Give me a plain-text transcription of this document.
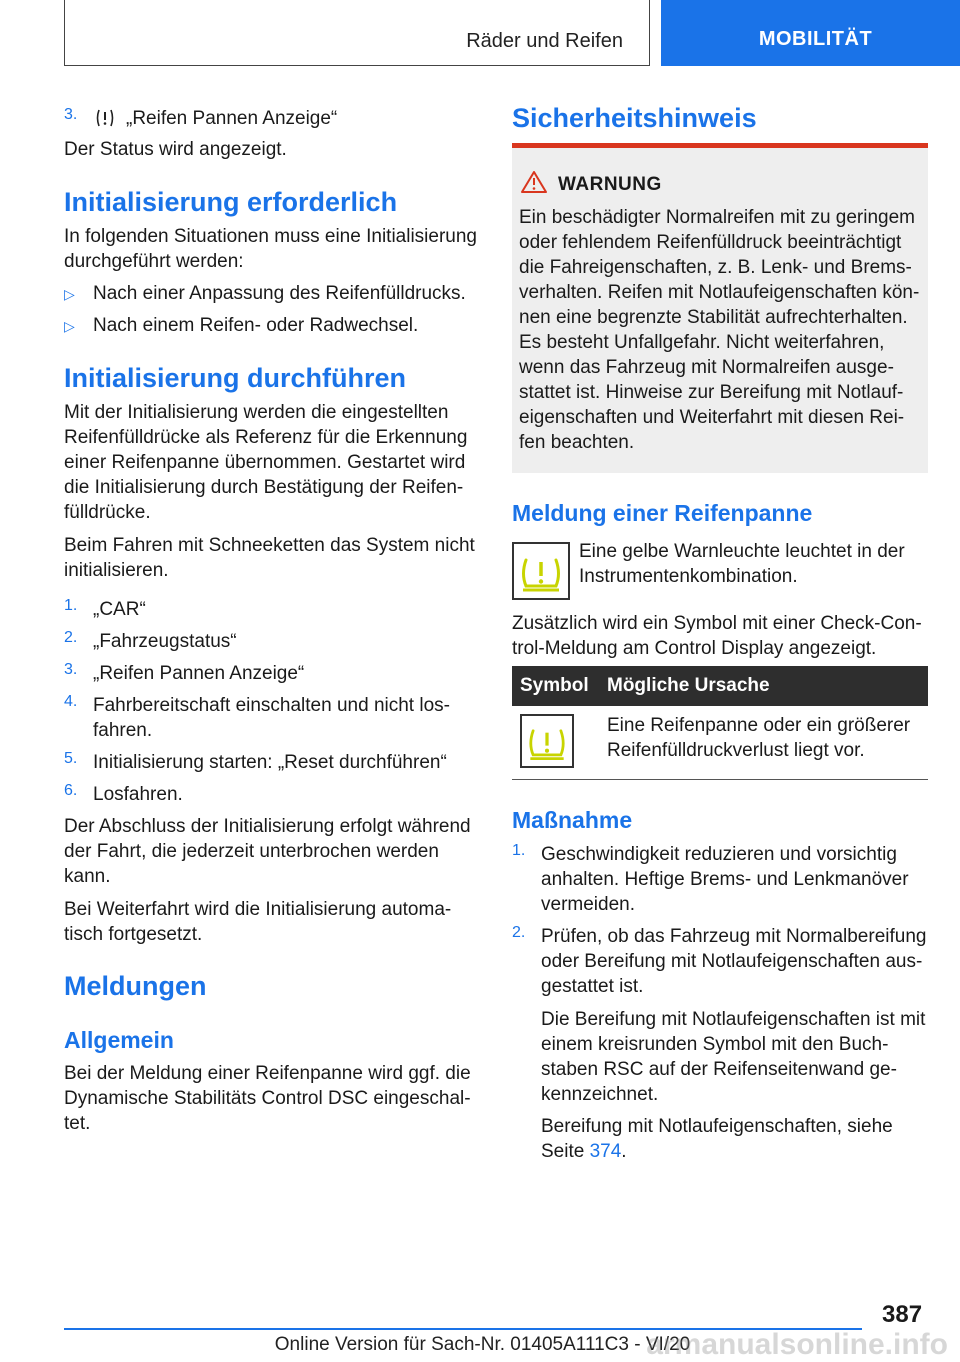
Räder und Reifen	MOBILITÄT
3.	„Reifen Pannen Anzeige“

Der Status wird angezeigt.

Initialisierung erforderlich

In folgenden Situationen muss eine Initialisierung durchgeführt werden:

▷ Nach einer Anpassung des Reifenfülldrucks.

▷ Nach einem Reifen- oder Radwechsel.

Initialisierung durchführen

Mit der Initialisierung werden die eingestellten Reifenfülldrücke als Referenz für die Erkennung einer Reifenpanne übernommen. Gestartet wird die Initialisierung durch Bestätigung der Reifen-fülldrücke.

Beim Fahren mit Schneeketten das System nicht initialisieren.

1. „CAR“

2. „Fahrzeugstatus“

3. „Reifen Pannen Anzeige“

4. Fahrbereitschaft einschalten und nicht los-fahren.

5. Initialisierung starten: „Reset durchführen“

6. Losfahren.

Der Abschluss der Initialisierung erfolgt während der Fahrt, die jederzeit unterbrochen werden kann.

Bei Weiterfahrt wird die Initialisierung automa-tisch fortgesetzt.

Meldungen
Allgemein

Bei der Meldung einer Reifenpanne wird ggf. die Dynamische Stabilitäts Control DSC eingeschal-tet.

Sicherheitshinweis
WARNUNG

Ein beschädigter Normalreifen mit zu geringem oder fehlendem Reifenfülldruck beeinträchtigt die Fahreigenschaften, z. B. Lenk- und Brems-verhalten. Reifen mit Notlaufeigenschaften kön-nen eine begrenzte Stabilität aufrechterhalten. Es besteht Unfallgefahr. Nicht weiterfahren, wenn das Fahrzeug mit Normalreifen ausge-stattet ist. Hinweise zur Bereifung mit Notlauf-eigenschaften und Weiterfahrt mit diesen Rei-fen beachten.

Meldung einer Reifenpanne

Eine gelbe Warnleuchte leuchtet in der Instrumentenkombination.

Zusätzlich wird ein Symbol mit einer Check-Con-trol-Meldung am Control Display angezeigt.

Symbol Mögliche Ursache

Eine Reifenpanne oder ein größerer Reifenfülldruckverlust liegt vor.

Maßnahme
1. Geschwindigkeit reduzieren und vorsichtig anhalten. Heftige Brems- und Lenkmanöver vermeiden.

2. Prüfen, ob das Fahrzeug mit Normalbereifung oder Bereifung mit Notlaufeigenschaften aus-gestattet ist.

Die Bereifung mit Notlaufeigenschaften ist mit einem kreisrunden Symbol mit den Buch-staben RSC auf der Reifenseitenwand ge-kennzeichnet.

Bereifung mit Notlaufeigenschaften, siehe Seite 374.

387
Online Version für Sach-Nr. 01405A111C3 - VI/20
armanualsonline.info
